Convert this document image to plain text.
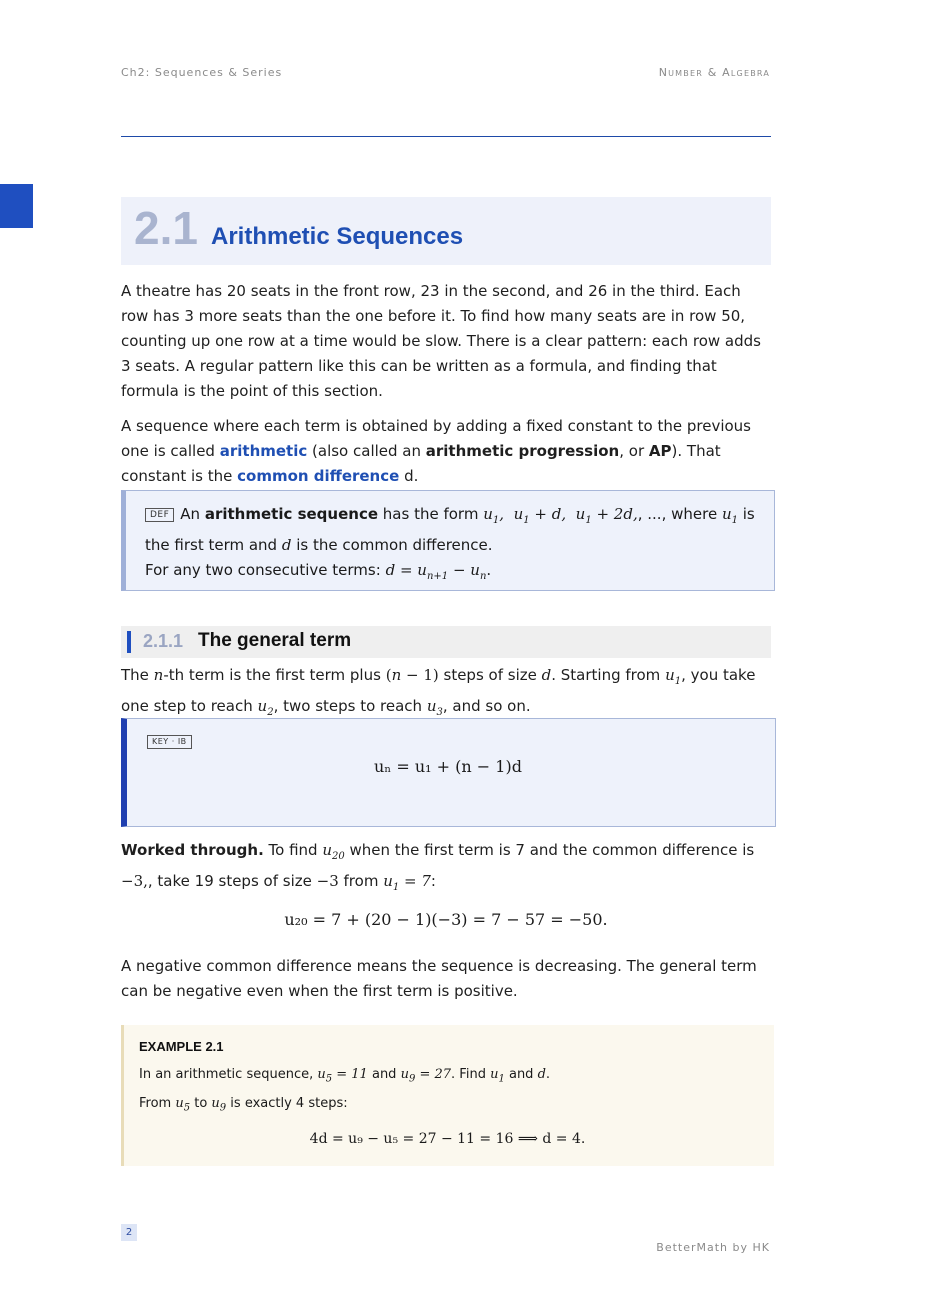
Ch2: Sequences & Series	Number & Algebra
2.1 Arithmetic Sequences
A theatre has 20 seats in the front row, 23 in the second, and 26 in the third. Each row has 3 more seats than the one before it. To find how many seats are in row 50, counting up one row at a time would be slow. There is a clear pattern: each row adds 3 seats. A regular pattern like this can be written as a formula, and finding that formula is the point of this section.
A sequence where each term is obtained by adding a fixed constant to the previous one is called arithmetic (also called an arithmetic progression, or AP). That constant is the common difference d.
DEF An arithmetic sequence has the form $u_1$,  $u_1 + d$,  $u_1 + 2d$,, ..., where $u_1$ is the first term and d is the common difference.
For any two consecutive terms: $d = u_{n+1} - u_n$.
2.1.1 The general term
The n-th term is the first term plus (n − 1) steps of size d. Starting from $u_1$, you take one step to reach $u_2$, two steps to reach $u_3$, and so on.
KEY · IB
uₙ = u₁ + (n − 1)d
Worked through. To find $u_{20}$ when the first term is 7 and the common difference is −3,, take 19 steps of size −3 from $u_1 = 7$:
u₂₀ = 7 + (20 − 1)(−3) = 7 − 57 = −50.
A negative common difference means the sequence is decreasing. The general term can be negative even when the first term is positive.
EXAMPLE 2.1
In an arithmetic sequence, $u_5 = 11$ and $u_9 = 27$. Find $u_1$ and d.
From $u_5$ to $u_9$ is exactly 4 steps:
4d = u₉ − u₅ = 27 − 11 = 16 ⟹ d = 4.
2
BetterMath by HK
